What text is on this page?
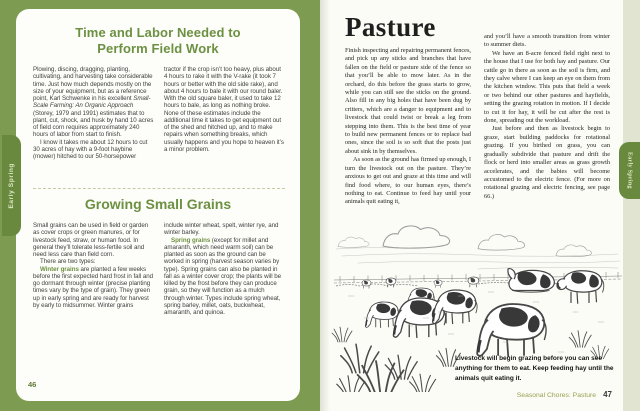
Time and Labor Needed to
Perform Field Work

Plowing, discing, dragging, planting, cultivating, and harvesting take considerable time. Just how much depends mostly on the size of your equipment, but as a reference point, Karl Schwenke in his excellent Small-Scale Farming: An Organic Approach (Storey, 1979 and 1991) estimates that to plant, cut, shock, and husk by hand 10 acres of field corn requires approximately 240 hours of labor from start to finish.

I know it takes me about 12 hours to cut 30 acres of hay with a 9-foot haybine (mower) hitched to our 50-horsepower tractor if the crop isn’t too heavy, plus about 4 hours to rake it with the V-rake (it took 7 hours or better with the old side rake), and about 4 hours to bale it with our round baler. With the old square baler, it used to take 12 hours to bale, as long as nothing broke. None of these estimates include the additional time it takes to get equipment out of the shed and hitched up, and to make repairs when something breaks, which usually happens and you hope to heaven it’s a minor problem.

Growing Small Grains

Small grains can be used in field or garden as cover crops or green manures, or for livestock feed, straw, or human food. In general they’ll tolerate less-fertile soil and need less care than field corn.

There are two types:

Winter grains are planted a few weeks before the first expected hard frost in fall and go dormant through winter (precise planting times vary by the type of grain). They green up in early spring and are ready for harvest by early to midsummer. Winter grains include winter wheat, spelt, winter rye, and winter barley.

Spring grains (except for millet and amaranth, which need warm soil) can be planted as soon as the ground can be worked in spring (harvest season varies by type). Spring grains can also be planted in fall as a winter cover crop; the plants will be killed by the frost before they can produce grain, so they will function as a mulch through winter. Types include spring wheat, spring barley, millet, oats, buckwheat, amaranth, and quinoa.

46
Early Spring
Pasture

Finish inspecting and repairing permanent fences, and pick up any sticks and branches that have fallen on the field or pasture side of the fence so that you’ll be able to mow later. As in the orchard, do this before the grass starts to grow, while you can still see the sticks on the ground. Also fill in any big holes that have been dug by critters, which are a danger to equipment and to livestock that could twist or break a leg from stepping into them. This is the best time of year to build new permanent fences or to replace bad ones, since the soil is so soft that the posts just about sink in by themselves.

As soon as the ground has firmed up enough, I turn the livestock out on the pasture. They’re anxious to get out and graze at this time and will find food where, to our human eyes, there’s nothing to eat. Continue to feed hay until your animals quit eating it,

and you’ll have a smooth transition from winter to summer diets.

We have an 8-acre fenced field right next to the house that I use for both hay and pasture. Our cattle go in there as soon as the soil is firm, and they calve where I can keep an eye on them from the kitchen window. This puts that field a week or two behind our other pastures and hayfields, setting the grazing rotation in motion. If I decide to cut it for hay, it will be cut after the rest is done, spreading out the workload.

Just before and then as livestock begin to graze, start building paddocks for rotational grazing. If you birthed on grass, you can gradually subdivide that pasture and drift the flock or herd into smaller areas as grass growth accelerates, and the babies will become accustomed to the electric fence. (For more on rotational grazing and electric fencing, see page 66.)

Livestock will begin grazing before you can see anything for them to eat. Keep feeding hay until the animals quit eating it.
Seasonal Chores: Pasture 47
Early Spring
